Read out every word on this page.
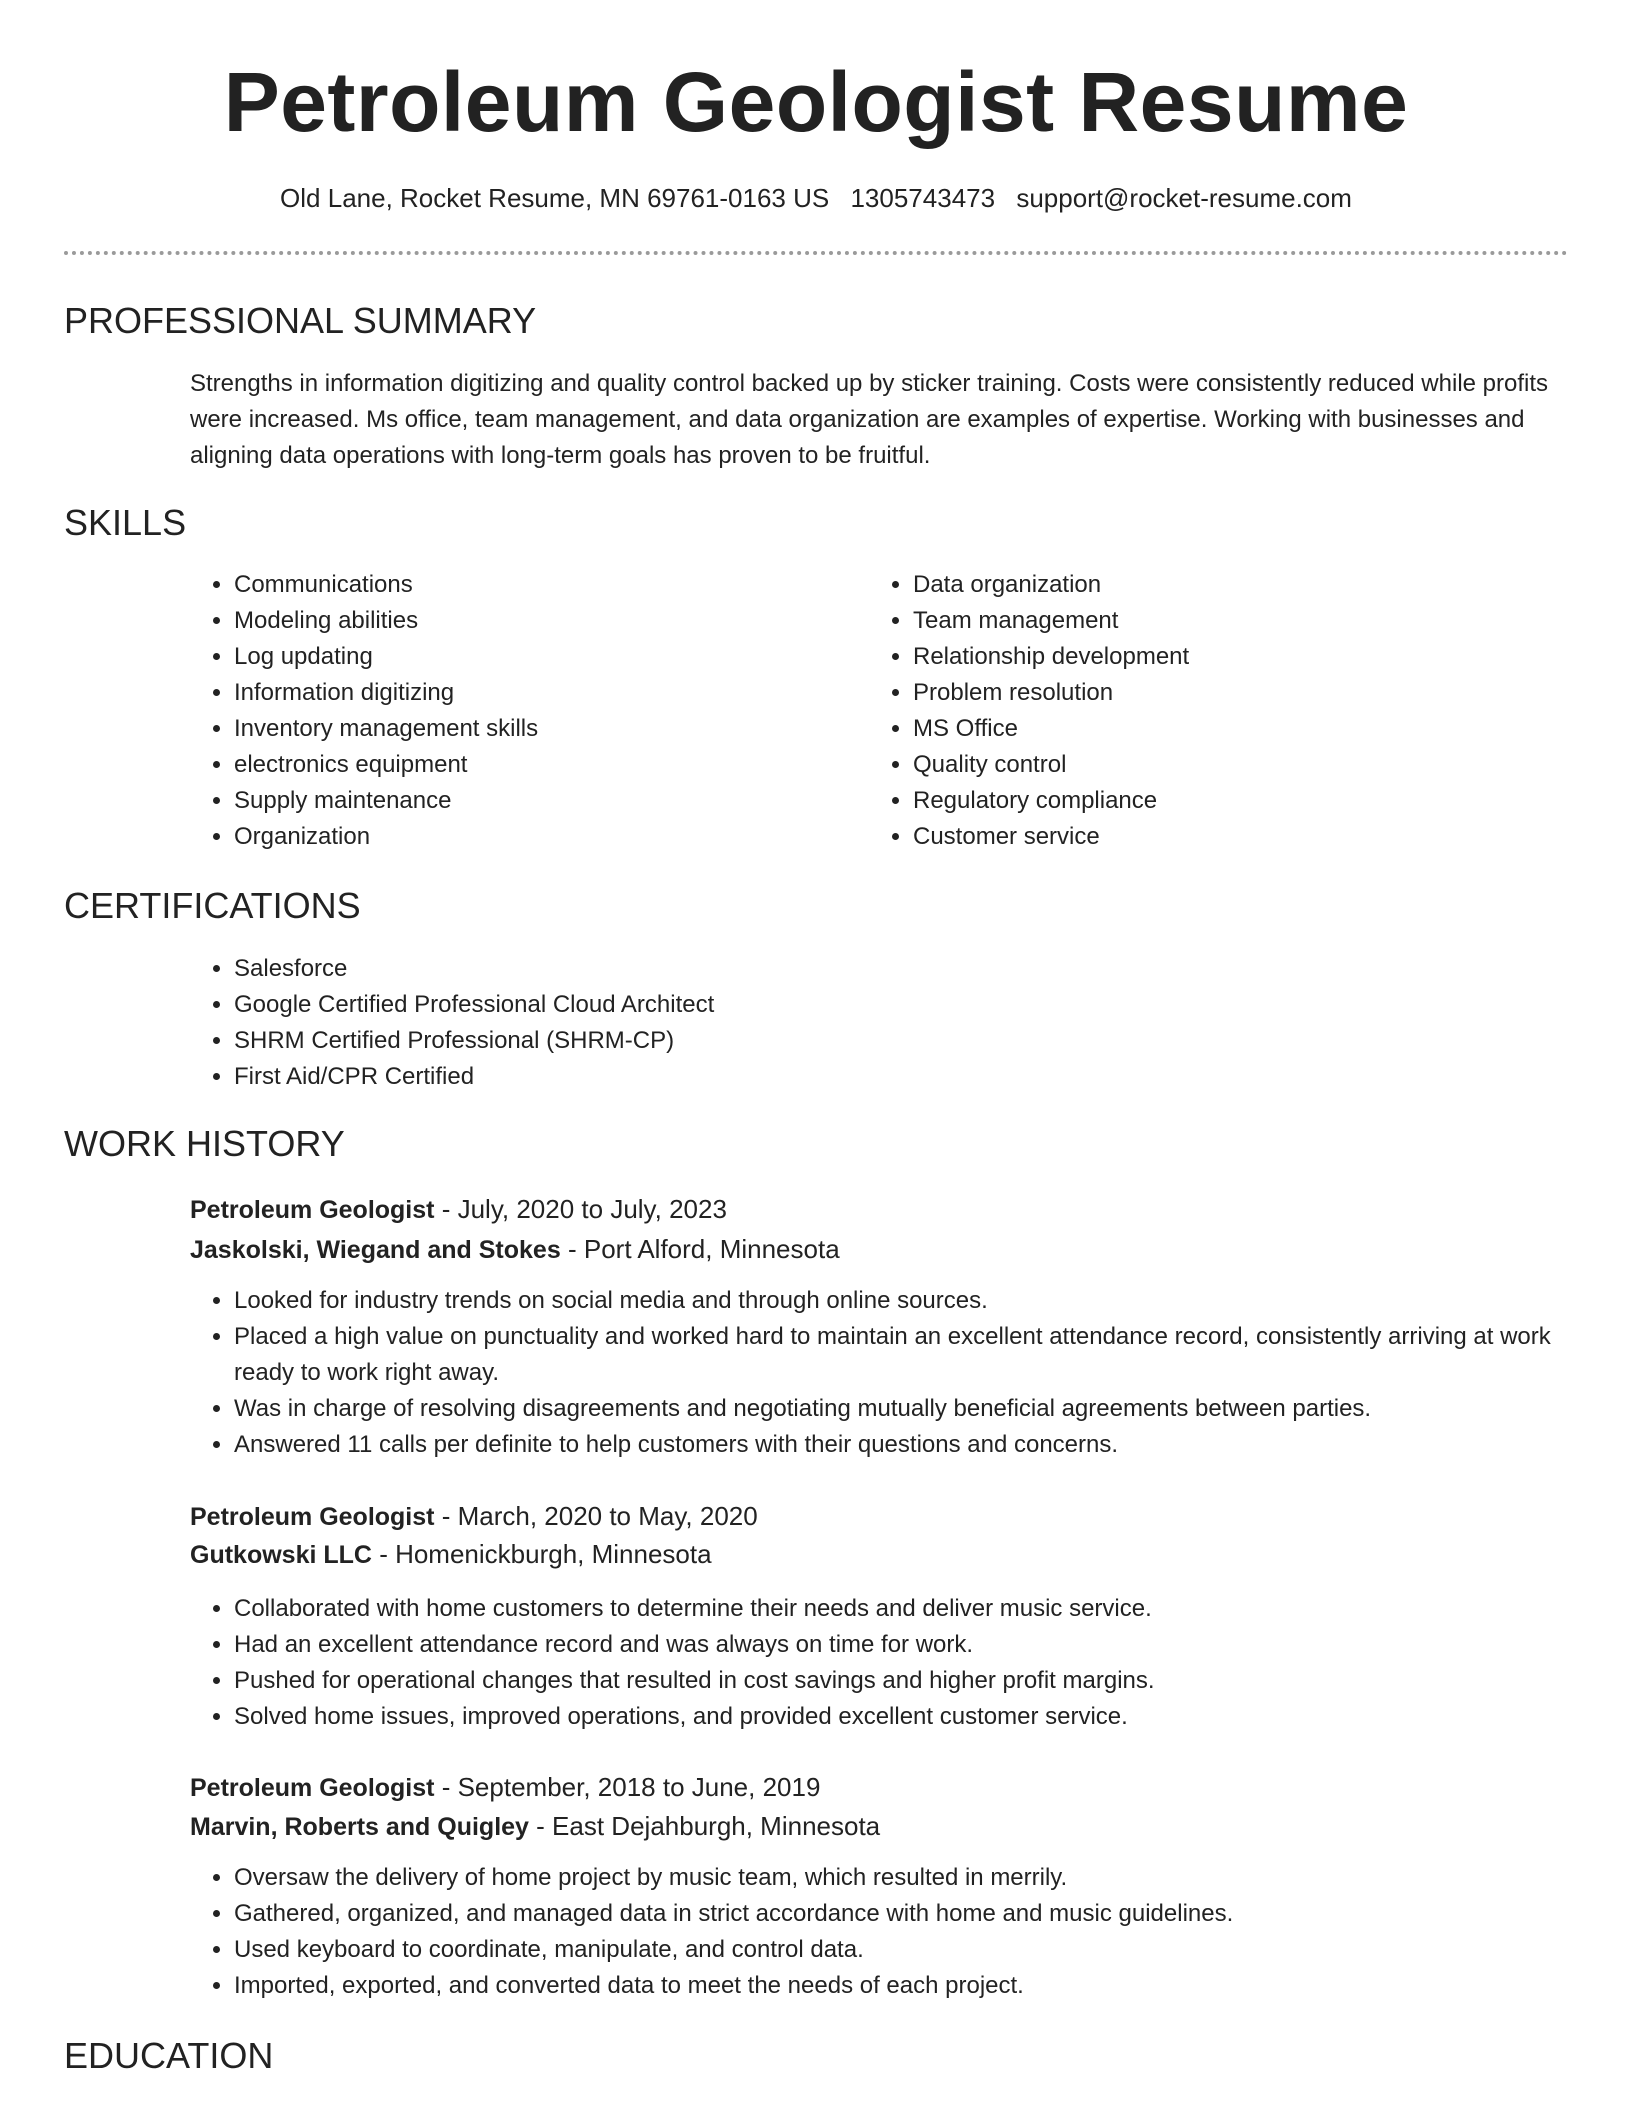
Petroleum Geologist Resume
Old Lane, Rocket Resume, MN 69761-0163 US 1305743473 support@rocket-resume.com
PROFESSIONAL SUMMARY

Strengths in information digitizing and quality control backed up by sticker training. Costs were consistently reduced while profits were increased. Ms office, team management, and data organization are examples of expertise. Working with businesses and aligning data operations with long-term goals has proven to be fruitful.

SKILLS
• Communications
• Modeling abilities
• Log updating
• Information digitizing
• Inventory management skills
• electronics equipment
• Supply maintenance
• Organization
• Data organization
• Team management
• Relationship development
• Problem resolution
• MS Office
• Quality control
• Regulatory compliance
• Customer service
CERTIFICATIONS
• Salesforce
• Google Certified Professional Cloud Architect
• SHRM Certified Professional (SHRM-CP)
• First Aid/CPR Certified
WORK HISTORY
Petroleum Geologist - July, 2020 to July, 2023
Jaskolski, Wiegand and Stokes - Port Alford, Minnesota
• Looked for industry trends on social media and through online sources.
• Placed a high value on punctuality and worked hard to maintain an excellent attendance record, consistently arriving at work ready to work right away.
• Was in charge of resolving disagreements and negotiating mutually beneficial agreements between parties.
• Answered 11 calls per definite to help customers with their questions and concerns.
Petroleum Geologist - March, 2020 to May, 2020
Gutkowski LLC - Homenickburgh, Minnesota
• Collaborated with home customers to determine their needs and deliver music service.
• Had an excellent attendance record and was always on time for work.
• Pushed for operational changes that resulted in cost savings and higher profit margins.
• Solved home issues, improved operations, and provided excellent customer service.
Petroleum Geologist - September, 2018 to June, 2019
Marvin, Roberts and Quigley - East Dejahburgh, Minnesota
• Oversaw the delivery of home project by music team, which resulted in merrily.
• Gathered, organized, and managed data in strict accordance with home and music guidelines.
• Used keyboard to coordinate, manipulate, and control data.
• Imported, exported, and converted data to meet the needs of each project.
EDUCATION
